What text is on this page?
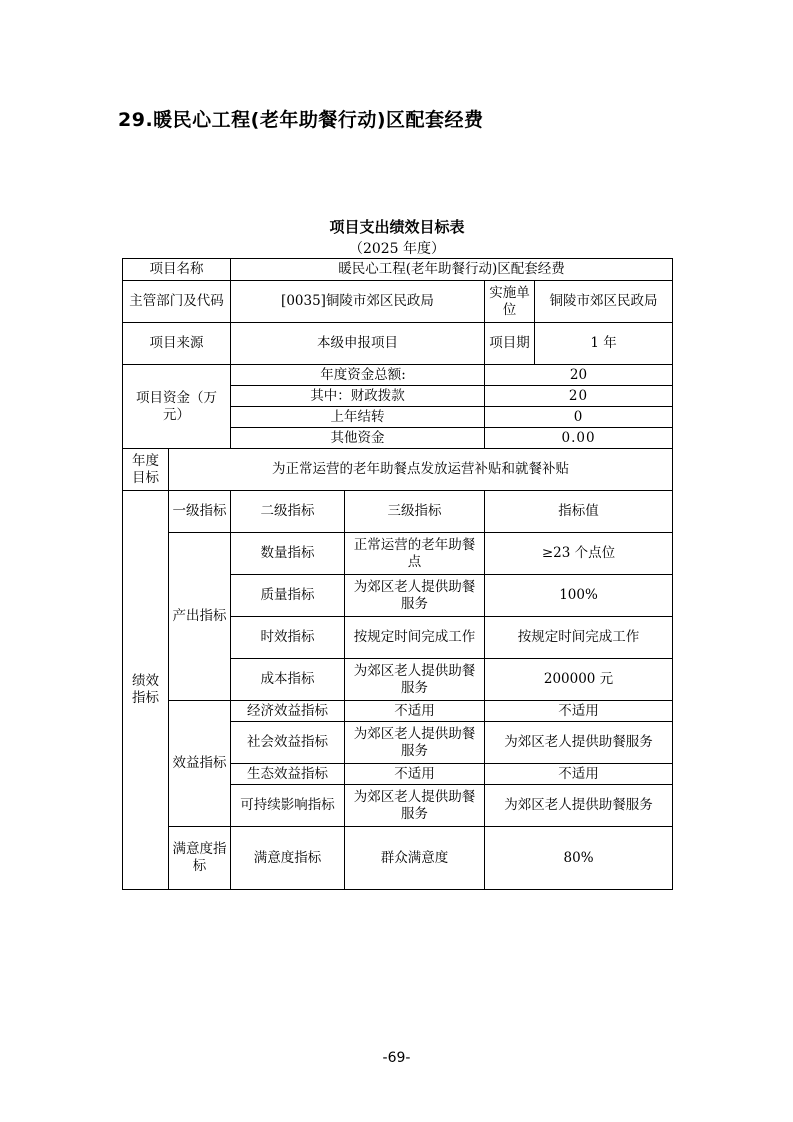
29.暖民心工程(老年助餐行动)区配套经费
项目支出绩效目标表
（2025 年度）
项目名称		暖民心工程(老年助餐行动)区配套经费			
主管部门及代码		[0035]铜陵市郊区民政局		实施单位	铜陵市郊区民政局
项目来源		本级申报项目		项目期	1 年
项目资金（万元）		年度资金总额:		20	
		其中：财政拨款		20	
		上年结转		0	
		其他资金		0.00	
年度目标	为正常运营的老年助餐点发放运营补贴和就餐补贴				
绩效指标	一级指标	二级指标	三级指标	指标值	
	产出指标	数量指标	正常运营的老年助餐点	≥23 个点位	
		质量指标	为郊区老人提供助餐服务	100%	
		时效指标	按规定时间完成工作	按规定时间完成工作	
		成本指标	为郊区老人提供助餐服务	200000 元	
	效益指标	经济效益指标	不适用	不适用	
		社会效益指标	为郊区老人提供助餐服务	为郊区老人提供助餐服务	
		生态效益指标	不适用	不适用	
		可持续影响指标	为郊区老人提供助餐服务	为郊区老人提供助餐服务	
	满意度指标	满意度指标	群众满意度	80%	
-69-
